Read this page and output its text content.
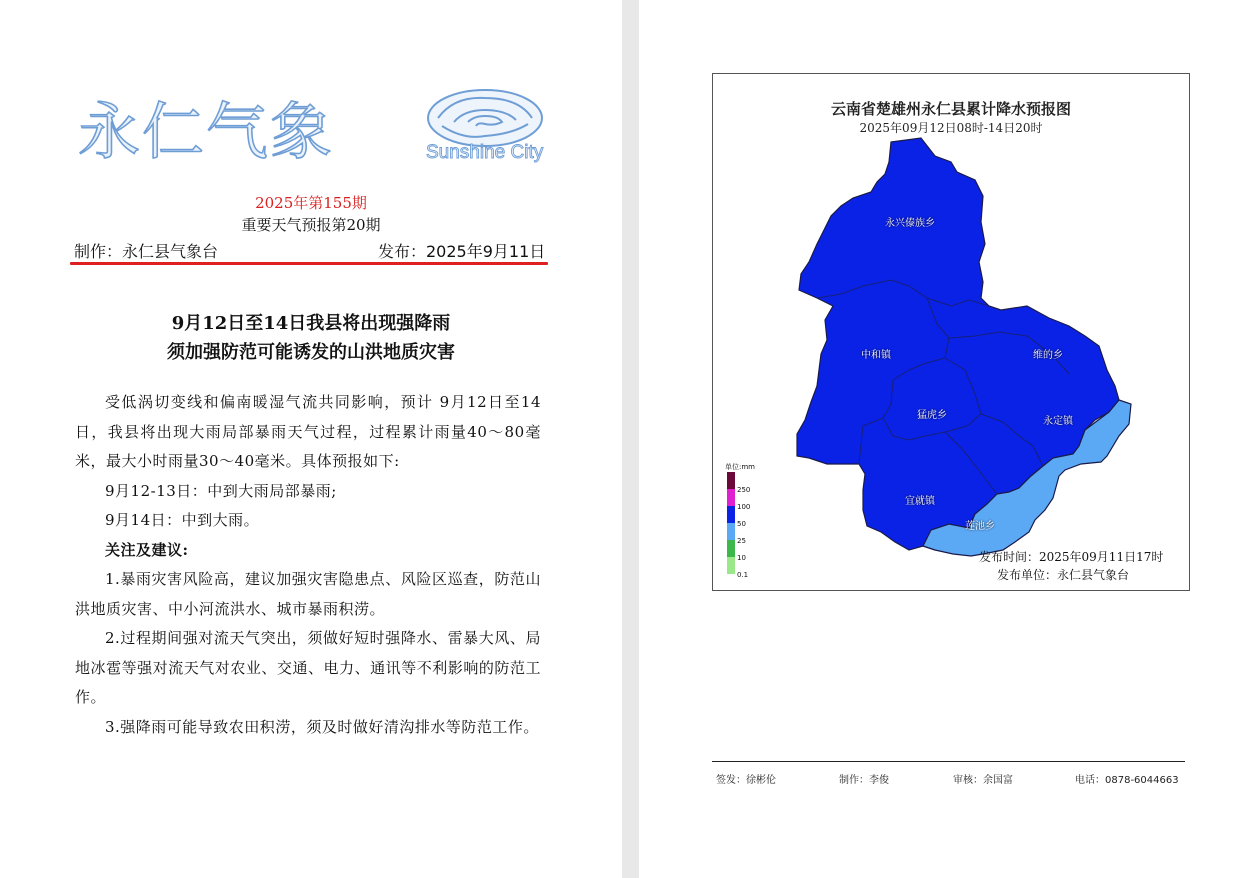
永仁气象	Sunshine City
2025年第155期
重要天气预报第20期
制作：永仁县气象台	发布：2025年9月11日
9月12日至14日我县将出现强降雨
须加强防范可能诱发的山洪地质灾害

受低涡切变线和偏南暖湿气流共同影响，预计 9月12日至14日，我县将出现大雨局部暴雨天气过程，过程累计雨量40～80毫米，最大小时雨量30～40毫米。具体预报如下:

9月12-13日：中到大雨局部暴雨;

9月14日：中到大雨。

关注及建议:

1.暴雨灾害风险高，建议加强灾害隐患点、风险区巡查，防范山洪地质灾害、中小河流洪水、城市暴雨积涝。

2.过程期间强对流天气突出，须做好短时强降水、雷暴大风、局地冰雹等强对流天气对农业、交通、电力、通讯等不利影响的防范工作。

3.强降雨可能导致农田积涝，须及时做好清沟排水等防范工作。

云南省楚雄州永仁县累计降水预报图
2025年09月12日08时-14日20时
永兴傣族乡
中和镇	维的乡
猛虎乡
永定镇
宜就镇
莲池乡
单位:mm
250
100
50
25
10
0.1
发布时间：2025年09月11日17时
发布单位：永仁县气象台
签发：徐彬伦	制作：李俊	审核：余国富	电话：0878-6044663
